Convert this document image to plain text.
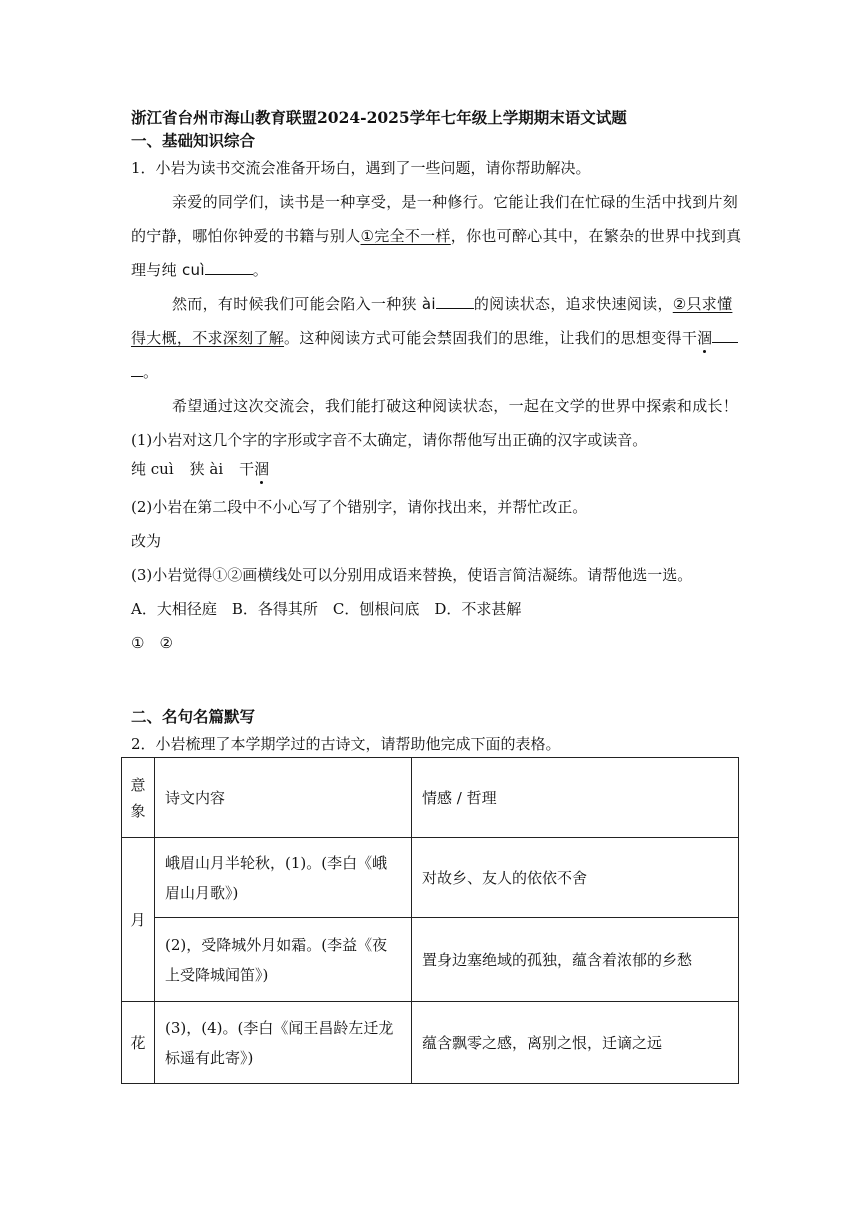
浙江省台州市海山教育联盟2024-2025学年七年级上学期期末语文试题
一、基础知识综合
1．小岩为读书交流会准备开场白，遇到了一些问题，请你帮助解决。
亲爱的同学们，读书是一种享受，是一种修行。它能让我们在忙碌的生活中找到片刻
的宁静，哪怕你钟爱的书籍与别人①完全不一样，你也可醉心其中，在繁杂的世界中找到真
理与纯 cuì	。
然而，有时候我们可能会陷入一种狭 ài	的阅读状态，追求快速阅读，②只求懂
得大概，不求深刻了解。这种阅读方式可能会禁固我们的思维，让我们的思想变得干涸
。
希望通过这次交流会，我们能打破这种阅读状态，一起在文学的世界中探索和成长！
(1)小岩对这几个字的字形或字音不太确定，请你帮他写出正确的汉字或读音。
纯 cuì 狭 ài 干涸
(2)小岩在第二段中不小心写了个错别字，请你找出来，并帮忙改正。
改为
(3)小岩觉得①②画横线处可以分别用成语来替换，使语言简洁凝练。请帮他选一选。
A．大相径庭　B．各得其所　C．刨根问底　D．不求甚解
①　②
二、名句名篇默写
2．小岩梳理了本学期学过的古诗文，请帮助他完成下面的表格。
意象	诗文内容	情感 / 哲理
月	峨眉山月半轮秋，(1)。(李白《峨眉山月歌》)	对故乡、友人的依依不舍
	(2)，受降城外月如霜。(李益《夜上受降城闻笛》)	置身边塞绝域的孤独，蕴含着浓郁的乡愁
花	(3)，(4)。(李白《闻王昌龄左迁龙标遥有此寄》)	蕴含飘零之感，离别之恨，迁谪之远
